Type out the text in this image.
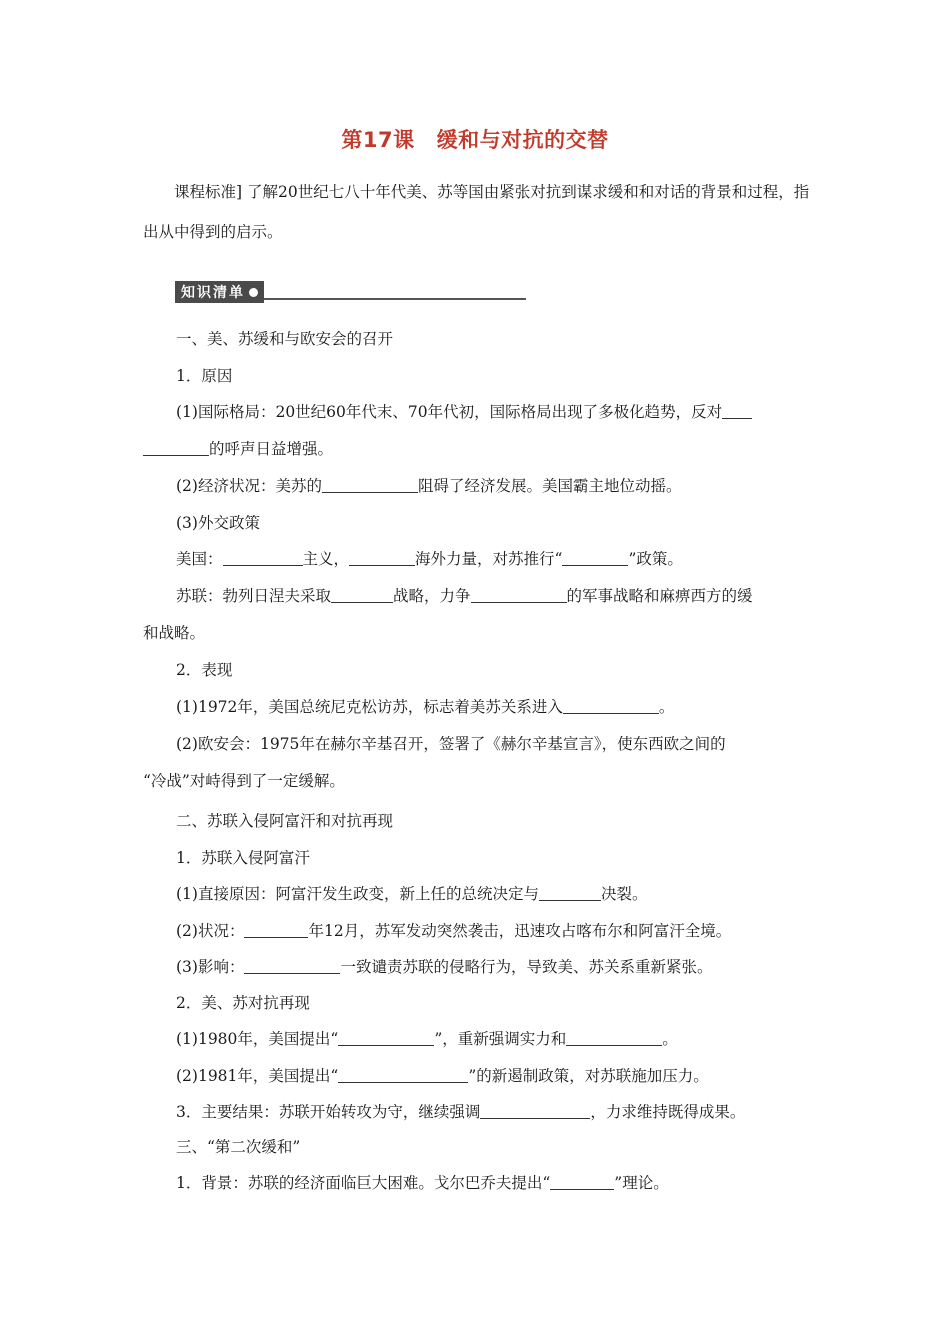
第17课 缓和与对抗的交替
课程标准] 了解20世纪七八十年代美、苏等国由紧张对抗到谋求缓和和对话的背景和过程，指出从中得到的启示。
知识清单
一、美、苏缓和与欧安会的召开
1．原因
(1)国际格局：20世纪60年代末、70年代初，国际格局出现了多极化趋势，反对
的呼声日益增强。
(2)经济状况：美苏的	阻碍了经济发展。美国霸主地位动摇。
(3)外交政策
美国：	主义，	海外力量，对苏推行“	”政策。
苏联：勃列日涅夫采取	战略，力争	的军事战略和麻痹西方的缓
和战略。
2．表现
(1)1972年，美国总统尼克松访苏，标志着美苏关系进入	。
(2)欧安会：1975年在赫尔辛基召开，签署了《赫尔辛基宣言》，使东西欧之间的
“冷战”对峙得到了一定缓解。
二、苏联入侵阿富汗和对抗再现
1．苏联入侵阿富汗
(1)直接原因：阿富汗发生政变，新上任的总统决定与	决裂。
(2)状况：	年12月，苏军发动突然袭击，迅速攻占喀布尔和阿富汗全境。
(3)影响：	一致谴责苏联的侵略行为，导致美、苏关系重新紧张。
2．美、苏对抗再现
(1)1980年，美国提出“	”，重新强调实力和	。
(2)1981年，美国提出“	”的新遏制政策，对苏联施加压力。
3．主要结果：苏联开始转攻为守，继续强调	，力求维持既得成果。
三、“第二次缓和”
1．背景：苏联的经济面临巨大困难。戈尔巴乔夫提出“	”理论。
